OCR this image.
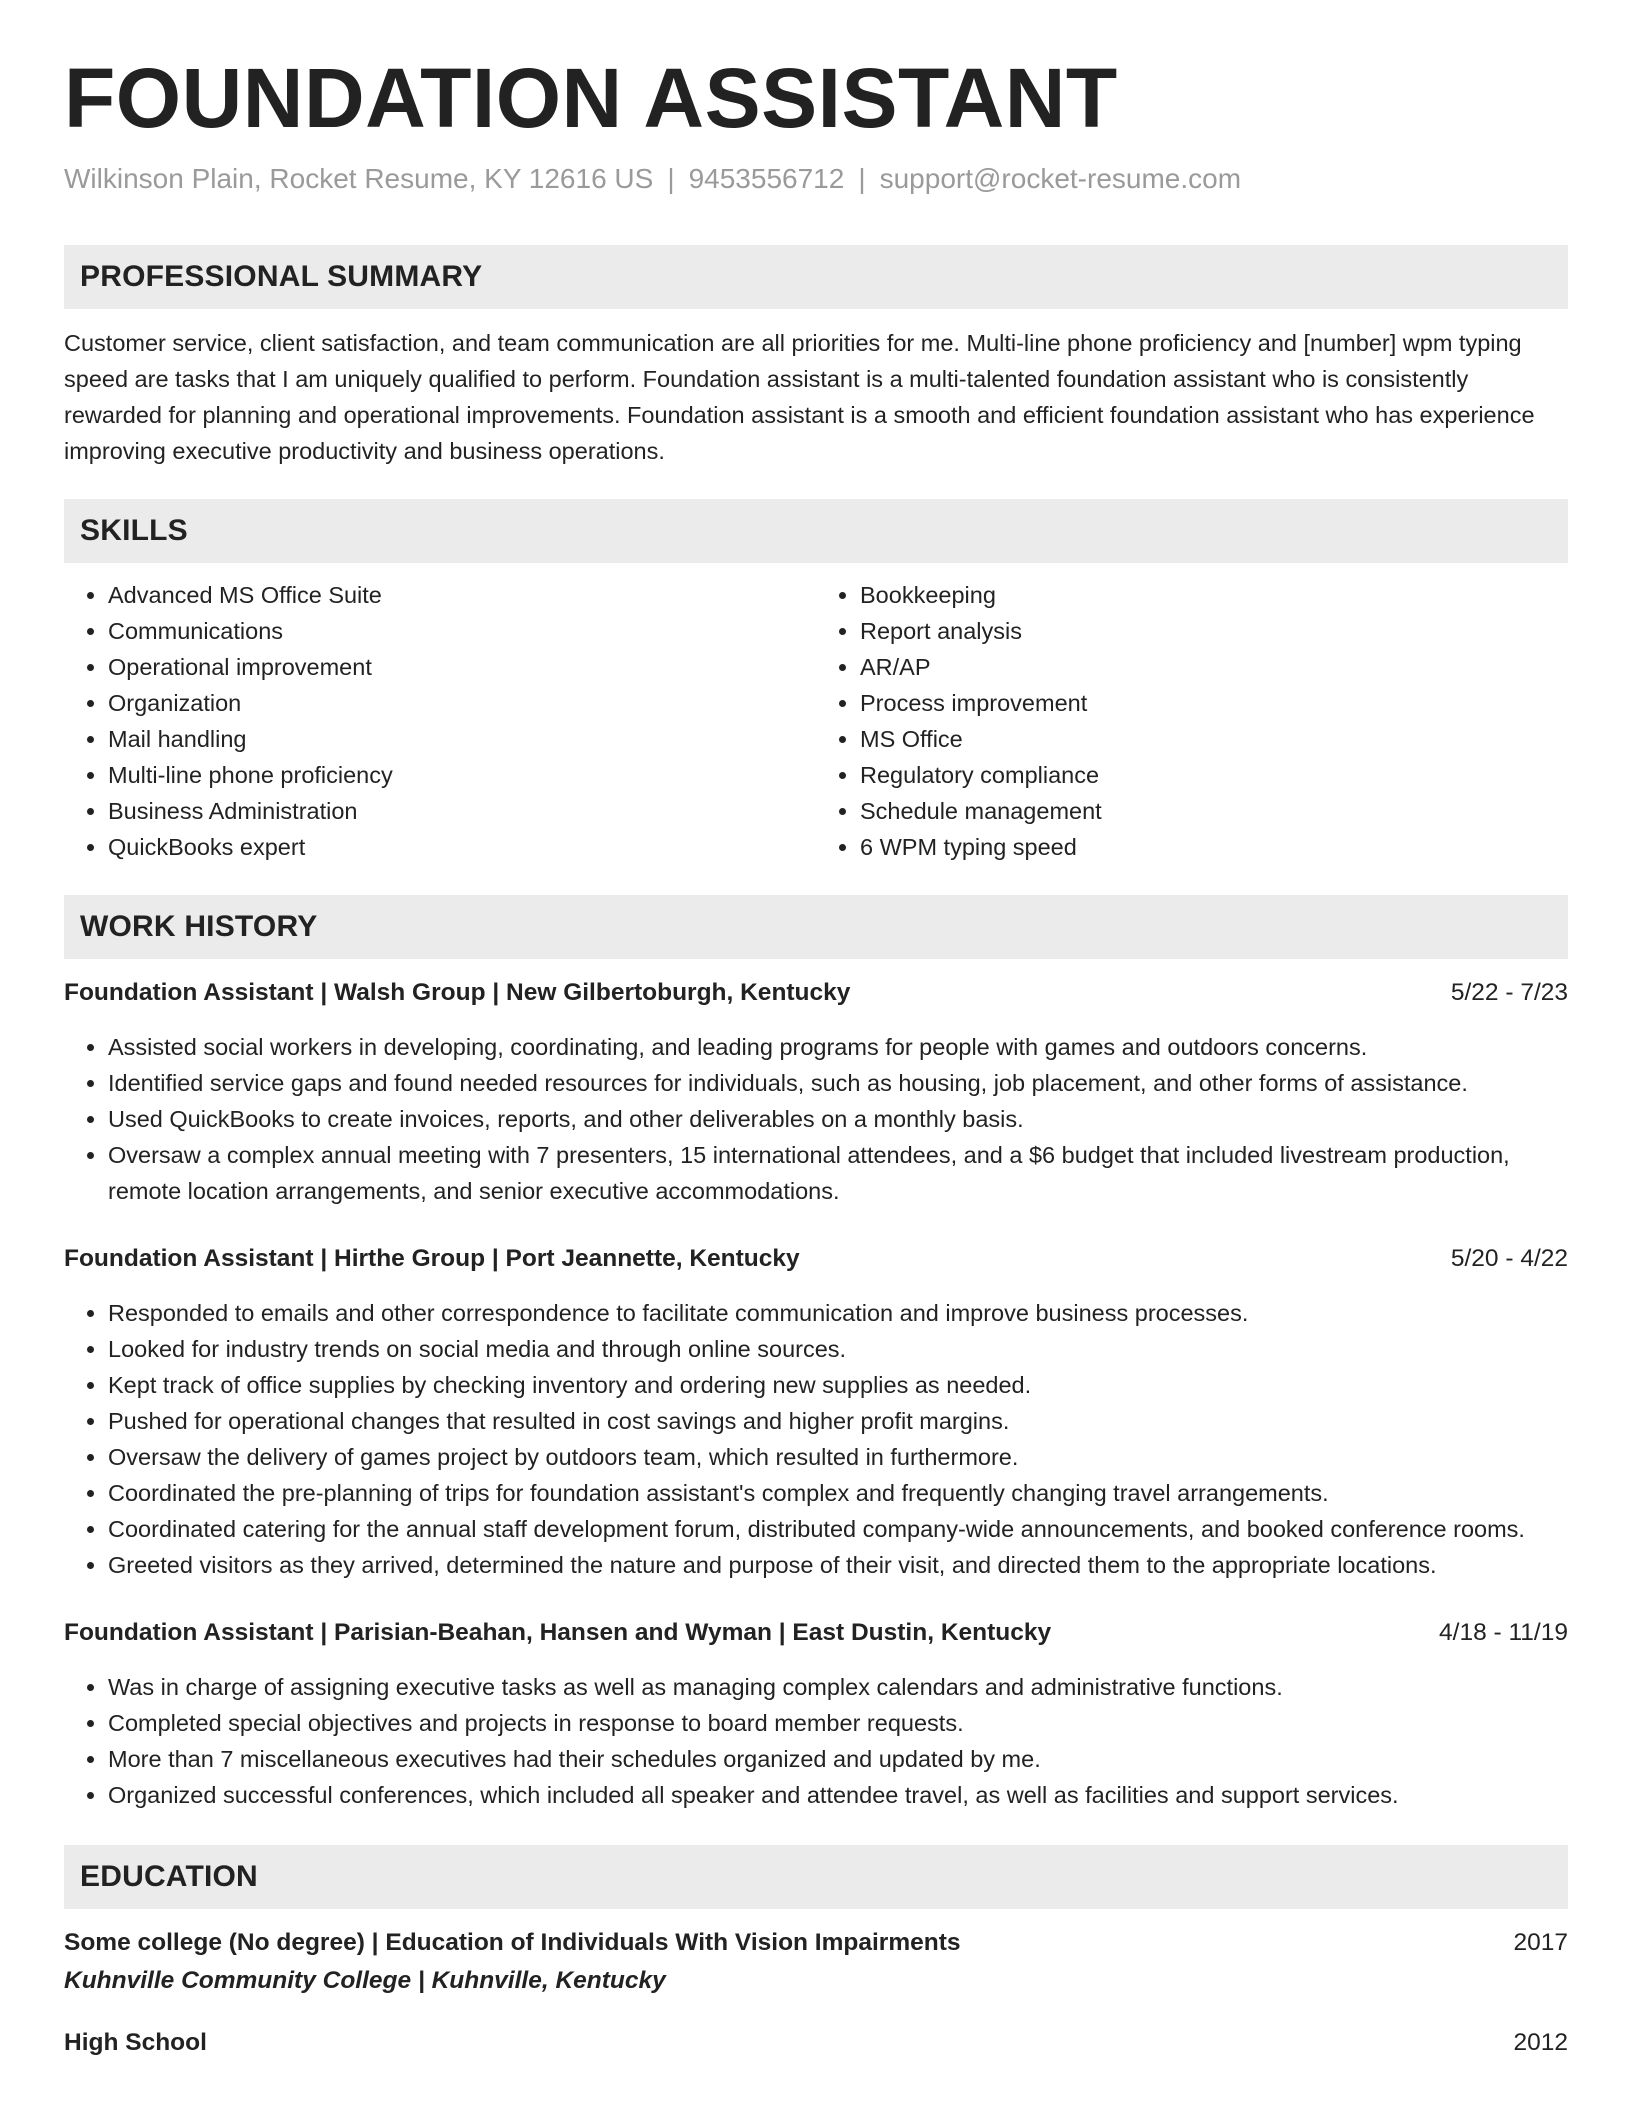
FOUNDATION ASSISTANT
Wilkinson Plain, Rocket Resume, KY 12616 US | 9453556712 | support@rocket-resume.com
PROFESSIONAL SUMMARY

Customer service, client satisfaction, and team communication are all priorities for me. Multi-line phone proficiency and [number] wpm typing speed are tasks that I am uniquely qualified to perform. Foundation assistant is a multi-talented foundation assistant who is consistently rewarded for planning and operational improvements. Foundation assistant is a smooth and efficient foundation assistant who has experience improving executive productivity and business operations.

SKILLS
• Advanced MS Office Suite
• Communications
• Operational improvement
• Organization
• Mail handling
• Multi-line phone proficiency
• Business Administration
• QuickBooks expert
• Bookkeeping
• Report analysis
• AR/AP
• Process improvement
• MS Office
• Regulatory compliance
• Schedule management
• 6 WPM typing speed
WORK HISTORY
Foundation Assistant | Walsh Group | New Gilbertoburgh, Kentucky	5/22 - 7/23
• Assisted social workers in developing, coordinating, and leading programs for people with games and outdoors concerns.
• Identified service gaps and found needed resources for individuals, such as housing, job placement, and other forms of assistance.
• Used QuickBooks to create invoices, reports, and other deliverables on a monthly basis.
• Oversaw a complex annual meeting with 7 presenters, 15 international attendees, and a $6 budget that included livestream production, remote location arrangements, and senior executive accommodations.
Foundation Assistant | Hirthe Group | Port Jeannette, Kentucky	5/20 - 4/22
• Responded to emails and other correspondence to facilitate communication and improve business processes.
• Looked for industry trends on social media and through online sources.
• Kept track of office supplies by checking inventory and ordering new supplies as needed.
• Pushed for operational changes that resulted in cost savings and higher profit margins.
• Oversaw the delivery of games project by outdoors team, which resulted in furthermore.
• Coordinated the pre-planning of trips for foundation assistant's complex and frequently changing travel arrangements.
• Coordinated catering for the annual staff development forum, distributed company-wide announcements, and booked conference rooms.
• Greeted visitors as they arrived, determined the nature and purpose of their visit, and directed them to the appropriate locations.
Foundation Assistant | Parisian-Beahan, Hansen and Wyman | East Dustin, Kentucky	4/18 - 11/19
• Was in charge of assigning executive tasks as well as managing complex calendars and administrative functions.
• Completed special objectives and projects in response to board member requests.
• More than 7 miscellaneous executives had their schedules organized and updated by me.
• Organized successful conferences, which included all speaker and attendee travel, as well as facilities and support services.
EDUCATION
Some college (No degree) | Education of Individuals With Vision Impairments	2017
Kuhnville Community College | Kuhnville, Kentucky
High School	2012
